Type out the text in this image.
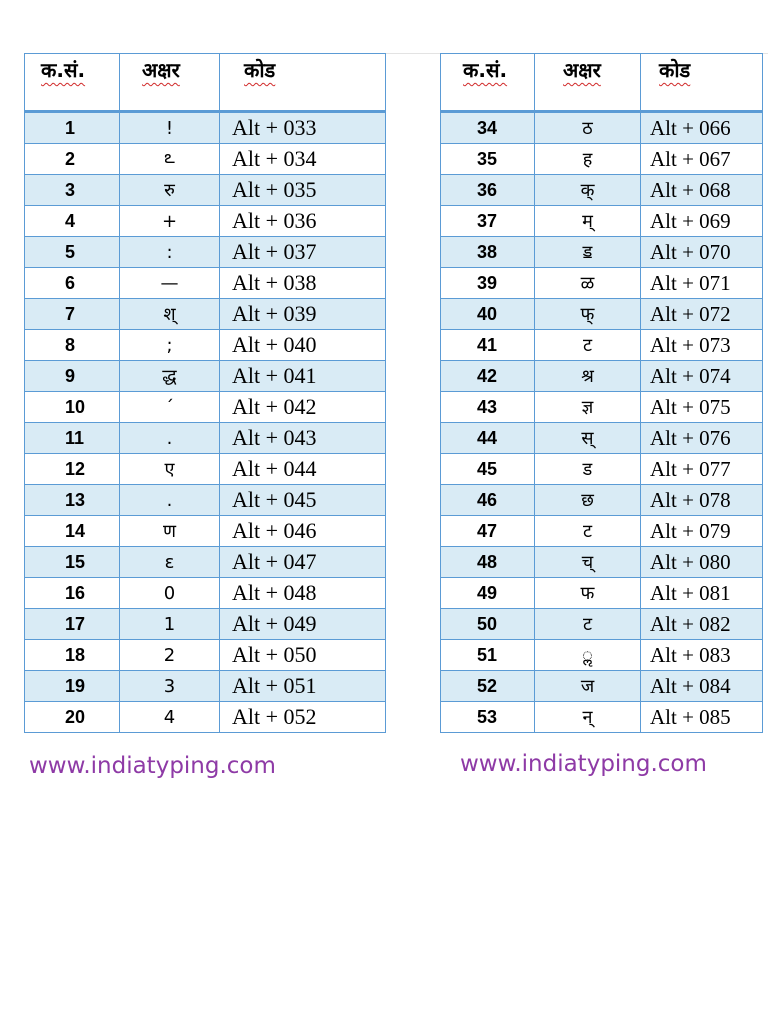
क.सं.	अक्षर	कोड
1	!	Alt + 033
2	ఽ	Alt + 034
3	रु	Alt + 035
4	+	Alt + 036
5	:	Alt + 037
6	—	Alt + 038
7	श्	Alt + 039
8	;	Alt + 040
9	द्ध	Alt + 041
10	´	Alt + 042
11	.	Alt + 043
12	ए	Alt + 044
13	.	Alt + 045
14	ण	Alt + 046
15	ε	Alt + 047
16	0	Alt + 048
17	1	Alt + 049
18	2	Alt + 050
19	3	Alt + 051
20	4	Alt + 052
क.सं.	अक्षर	कोड
34	ठ	Alt + 066
35	ह	Alt + 067
36	क्	Alt + 068
37	म्	Alt + 069
38	ॾ	Alt + 070
39	ळ	Alt + 071
40	फ्	Alt + 072
41	ट	Alt + 073
42	श्र	Alt + 074
43	ज्ञ	Alt + 075
44	स्	Alt + 076
45	ड	Alt + 077
46	छ	Alt + 078
47	ट	Alt + 079
48	च्	Alt + 080
49	फ	Alt + 081
50	ट	Alt + 082
51	ॢ	Alt + 083
52	ज	Alt + 084
53	न्	Alt + 085
www.indiatyping.com	www.indiatyping.com
